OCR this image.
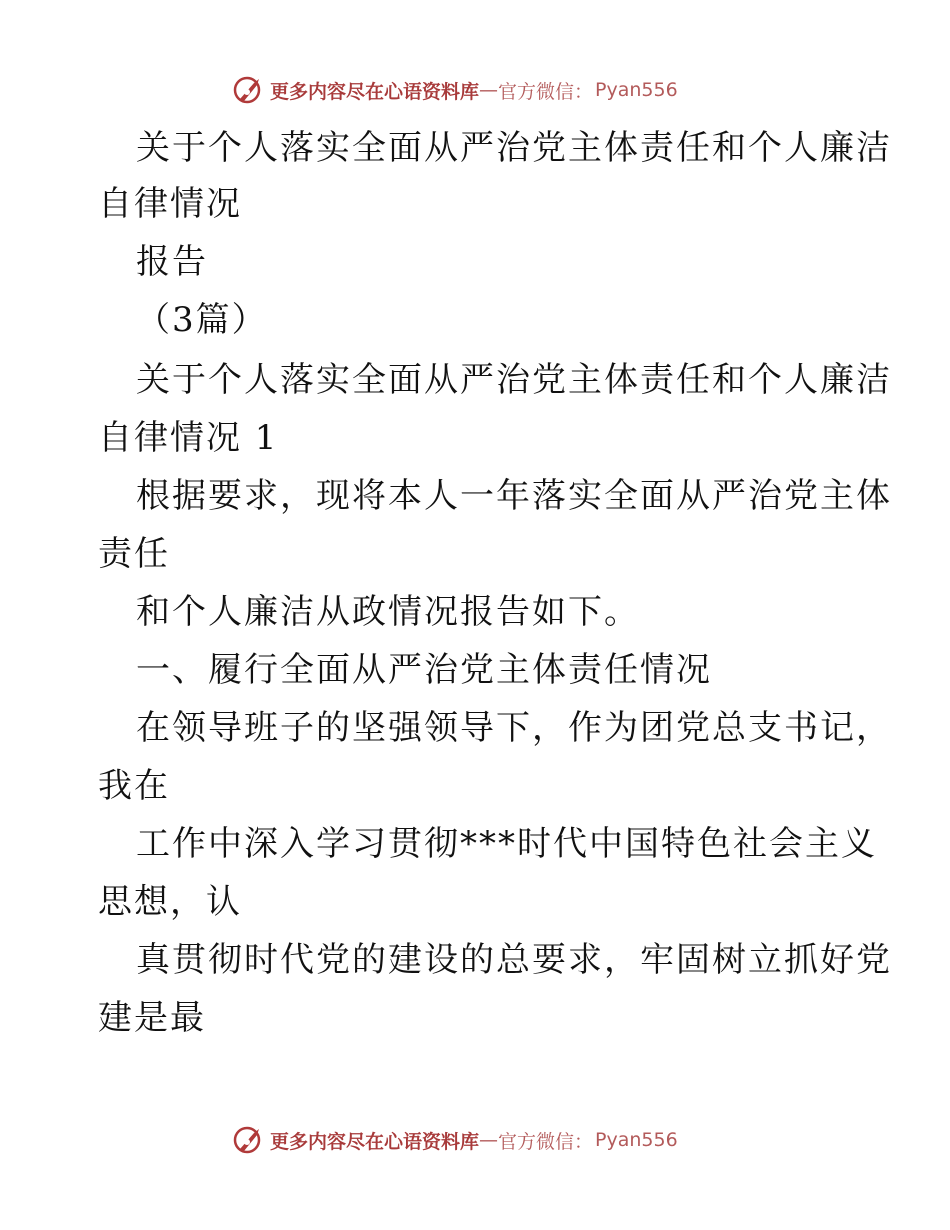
更多内容尽在心语资料库 — 官方微信： Pyan556
关于个人落实全面从严治党主体责任和个人廉洁
自律情况
报告
（3篇）
关于个人落实全面从严治党主体责任和个人廉洁
自律情况 1
根据要求，现将本人一年落实全面从严治党主体
责任
和个人廉洁从政情况报告如下。
一、履行全面从严治党主体责任情况
在领导班子的坚强领导下，作为团党总支书记，
我在
工作中深入学习贯彻***时代中国特色社会主义
思想，认
真贯彻时代党的建设的总要求，牢固树立抓好党
建是最
更多内容尽在心语资料库 — 官方微信： Pyan556
